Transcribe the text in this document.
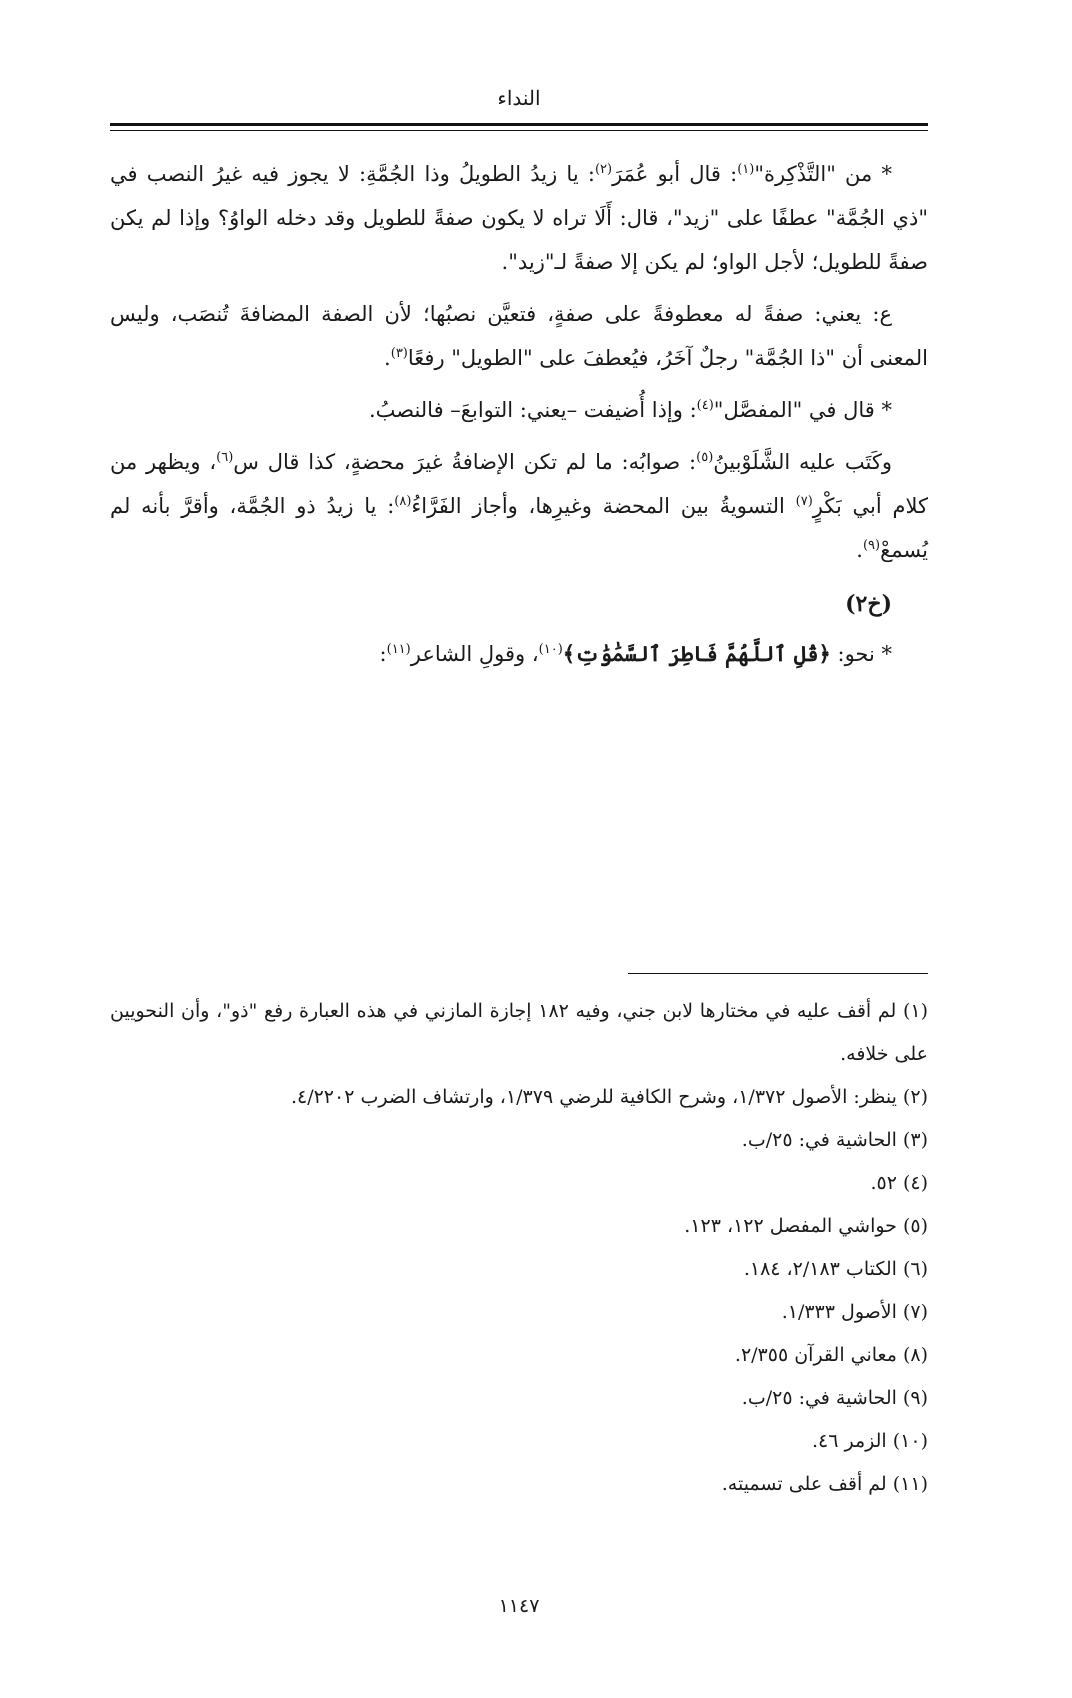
النداء

* من "التَّذْكِرة"$^{(١)}$: قال أبو عُمَرَ$^{(٢)}$: يا زيدُ الطويلُ وذا الجُمَّةِ: لا يجوز فيه غيرُ النصب في "ذي الجُمَّة" عطفًا على "زيد"، قال: أَلَا تراه لا يكون صفةً للطويل وقد دخله الواوُ؟ وإذا لم يكن صفةً للطويل؛ لأجل الواو؛ لم يكن إلا صفةً لـ"زيد".

ع: يعني: صفةً له معطوفةً على صفةٍ، فتعيَّن نصبُها؛ لأن الصفة المضافةَ تُنصَب، وليس المعنى أن "ذا الجُمَّة" رجلٌ آخَرُ، فيُعطفَ على "الطويل" رفعًا$^{(٣)}$.

* قال في "المفصَّل"$^{(٤)}$: وإذا أُضيفت –يعني: التوابعَ– فالنصبُ.

وكَتَب عليه الشَّلَوْبينُ$^{(٥)}$: صوابُه: ما لم تكن الإضافةُ غيرَ محضةٍ، كذا قال س$^{(٦)}$، ويظهر من كلام أبي بَكْرٍ$^{(٧)}$ التسويةُ بين المحضة وغيرِها، وأجاز الفَرَّاءُ$^{(٨)}$: يا زيدُ ذو الجُمَّة، وأقرَّ بأنه لم يُسمعْ$^{(٩)}$.

(خ٢)

* نحو: ﴿قُلِ ٱللَّهُمَّ فَاطِرَ ٱلسَّمَٰوَٰتِ﴾$^{(١٠)}$، وقولِ الشاعر$^{(١١)}$:

(١) لم أقف عليه في مختارها لابن جني، وفيه ١٨٢ إجازة المازني في هذه العبارة رفع "ذو"، وأن النحويين على خلافه.

(٢) ينظر: الأصول ١/٣٧٢، وشرح الكافية للرضي ١/٣٧٩، وارتشاف الضرب ٤/٢٢٠٢.

(٣) الحاشية في: ٢٥/ب.

(٤) ٥٢.

(٥) حواشي المفصل ١٢٢، ١٢٣.

(٦) الكتاب ٢/١٨٣، ١٨٤.

(٧) الأصول ١/٣٣٣.

(٨) معاني القرآن ٢/٣٥٥.

(٩) الحاشية في: ٢٥/ب.

(١٠) الزمر ٤٦.

(١١) لم أقف على تسميته.

١١٤٧
